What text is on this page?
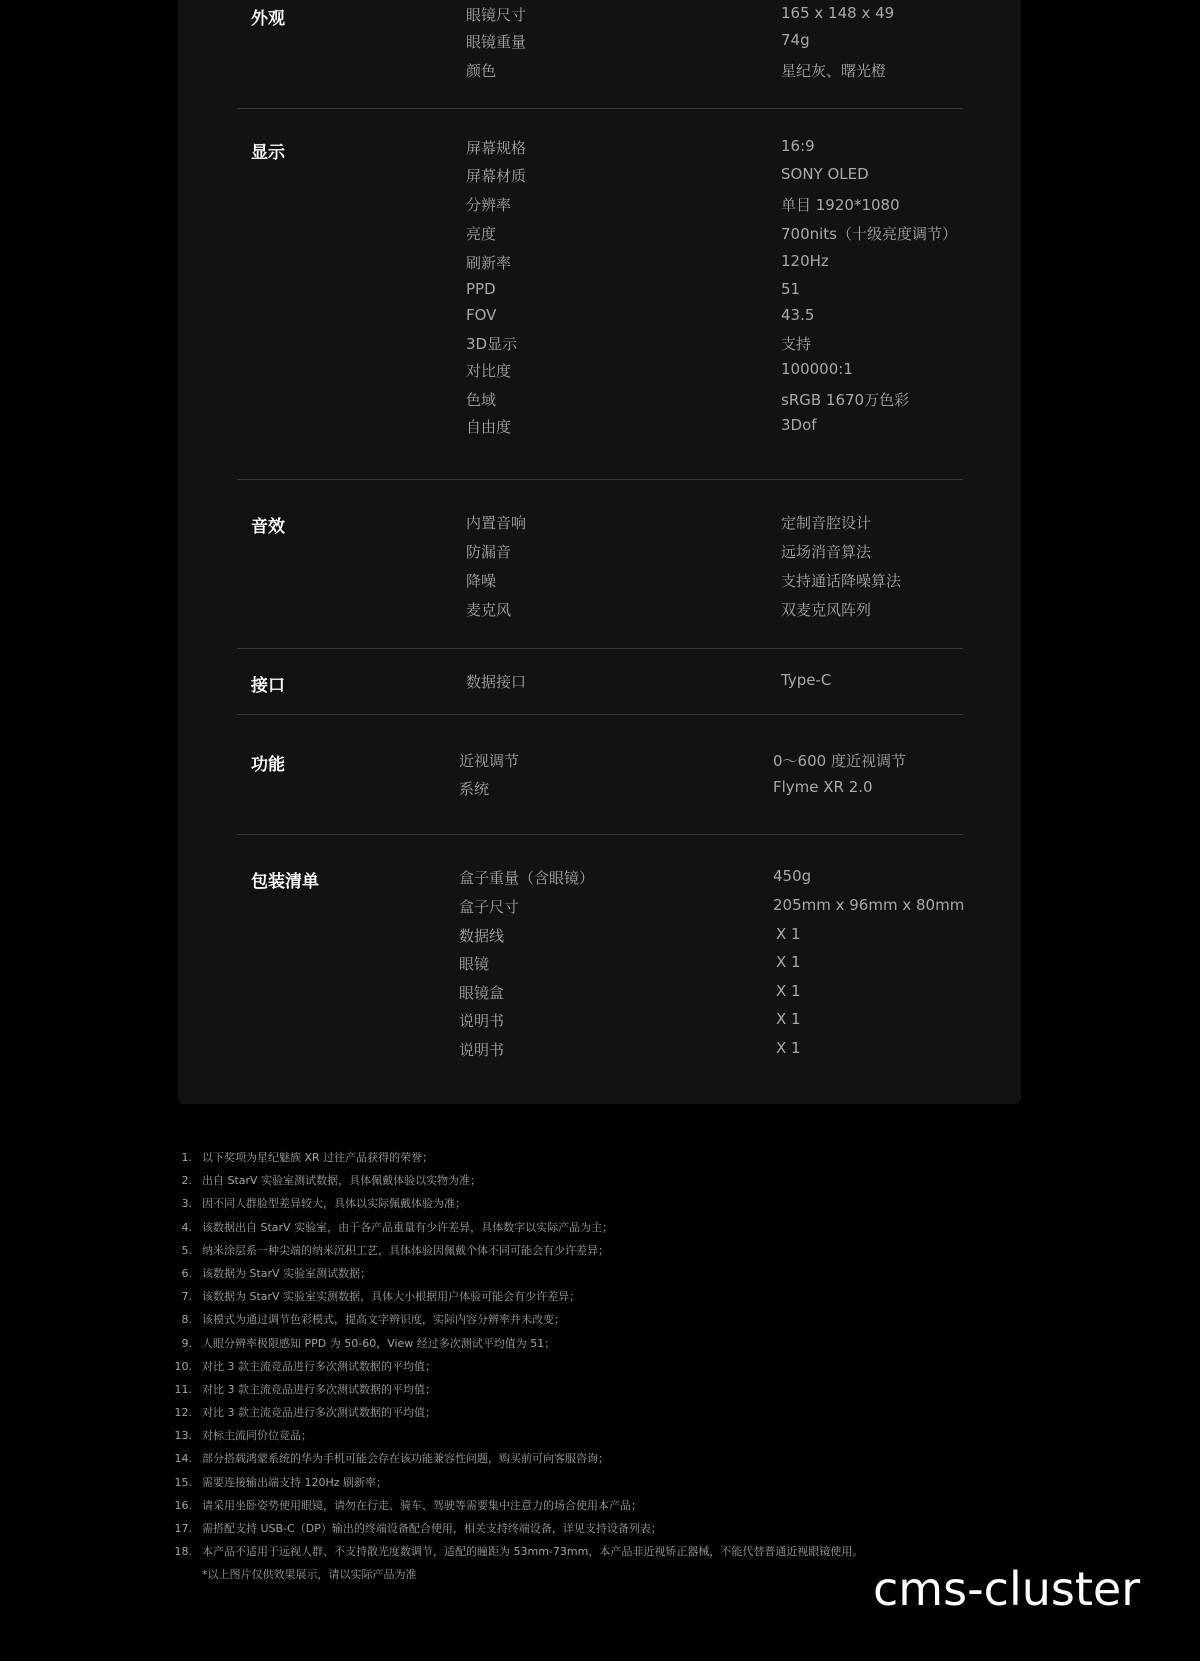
外观	眼镜尺寸	165 x 148 x 49
眼镜重量	74g
颜色	星纪灰、曙光橙
显示	屏幕规格	16:9
屏幕材质	SONY OLED
分辨率	单目 1920*1080
亮度	700nits（十级亮度调节）
刷新率	120Hz
PPD	51
FOV	43.5
3D显示	支持
对比度	100000:1
色域	sRGB 1670万色彩
自由度	3Dof
音效	内置音响	定制音腔设计
防漏音	远场消音算法
降噪	支持通话降噪算法
麦克风	双麦克风阵列
接口	数据接口	Type-C
功能	近视调节	0～600 度近视调节
系统	Flyme XR 2.0
包装清单	盒子重量（含眼镜）	450g
盒子尺寸	205mm x 96mm x 80mm
数据线	X 1
眼镜	X 1
眼镜盒	X 1
说明书	X 1
说明书	X 1
1. 以下奖项为星纪魅族 XR 过往产品获得的荣誉；
2. 出自 StarV 实验室测试数据，具体佩戴体验以实物为准；
3. 因不同人群脸型差异较大，具体以实际佩戴体验为准；
4. 该数据出自 StarV 实验室，由于各产品重量有少许差异，具体数字以实际产品为主；
5. 纳米涂层系一种尖端的纳米沉积工艺，具体体验因佩戴个体不同可能会有少许差异；
6. 该数据为 StarV 实验室测试数据；
7. 该数据为 StarV 实验室实测数据，具体大小根据用户体验可能会有少许差异；
8. 该模式为通过调节色彩模式，提高文字辨识度，实际内容分辨率并未改变；
9. 人眼分辨率极限感知 PPD 为 50-60，View 经过多次测试平均值为 51；
10. 对比 3 款主流竞品进行多次测试数据的平均值；
11. 对比 3 款主流竞品进行多次测试数据的平均值；
12. 对比 3 款主流竞品进行多次测试数据的平均值；
13. 对标主流同价位竞品；
14. 部分搭载鸿蒙系统的华为手机可能会存在该功能兼容性问题，购买前可向客服咨询；
15. 需要连接输出端支持 120Hz 刷新率；
16. 请采用坐卧姿势使用眼镜，请勿在行走、骑车、驾驶等需要集中注意力的场合使用本产品；
17. 需搭配支持 USB-C（DP）输出的终端设备配合使用，相关支持终端设备，详见支持设备列表；
18. 本产品不适用于远视人群、不支持散光度数调节，适配的瞳距为 53mm-73mm，本产品非近视矫正器械，不能代替普通近视眼镜使用。
*以上图片仅供效果展示，请以实际产品为准	cms-cluster
